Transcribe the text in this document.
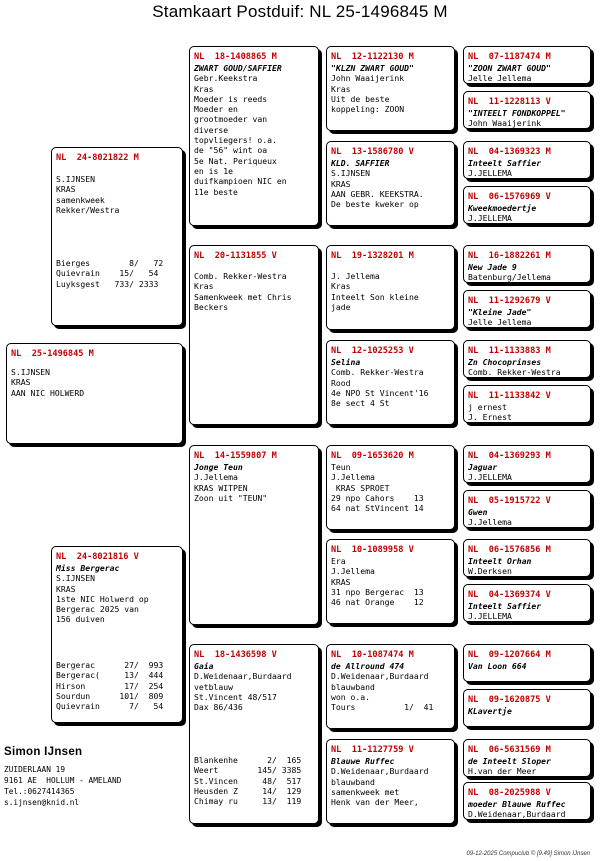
Stamkaart Postduif: NL 25-1496845 M
NL  25-1496845 M
S.IJNSEN
KRAS
AAN NIC HOLWERD
NL  24-8021822 M
S.IJNSEN
KRAS
samenkweek
Rekker/Westra
Bierges        8/   72
Quievrain    15/   54
Luyksgest   733/ 2333
NL  24-8021816 V
Miss Bergerac
S.IJNSEN
KRAS
1ste NIC Holwerd op
Bergerac 2025 van
156 duiven
Bergerac      27/  993
Bergerac(     13/  444
Hirson        17/  254
Sourdun      101/  809
Quievrain      7/   54
NL  18-1408865 M
ZWART GOUD/SAFFIER
Gebr.Keekstra
Kras
Moeder is reeds
Moeder en
grootmoeder van
diverse
topvliegers! o.a.
de "56" wint oa
5e Nat. Periqueux
en is 1e
duifkampioen NIC en
11e beste
NL  20-1131855 V
Comb. Rekker-Westra
Kras
Samenkweek met Chris
Beckers
NL  14-1559807 M
Jonge Teun
J.Jellema
KRAS WITPEN
Zoon uit "TEUN"
NL  18-1436598 V
Gaia
D.Weidenaar,Burdaard
vetblauw
St.Vincent 48/517
Dax 86/436
Blankenhe      2/  165
Weert        145/ 3385
St.Vincen     48/  517
Heusden Z     14/  129
Chimay ru     13/  119
NL  12-1122130 M
"KLZN ZWART GOUD"
John Waaijerink
Kras
Uit de beste
koppeling: ZOON
NL  13-1586780 V
KLD. SAFFIER
S.IJNSEN
KRAS
AAN GEBR. KEEKSTRA.
De beste kweker op
NL  19-1328201 M
J. Jellema
Kras
Inteelt Son kleine
jade
NL  12-1025253 V
Selina
Comb. Rekker-Westra
Rood
4e NPO St Vincent'16
8e sect 4 St
NL  09-1653620 M
Teun
J.Jellema
KRAS SPROET
29 npo Cahors    13
64 nat StVincent 14
NL  10-1089958 V
Era
J.Jellema
KRAS
31 npo Bergerac  13
46 nat Orange    12
NL  10-1087474 M
de Allround 474
D.Weidenaar,Burdaard
blauwband
won o.a.
Tours          1/  41
NL  11-1127759 V
Blauwe Ruffec
D.Weidenaar,Burdaard
blauwband
samenkweek met
Henk van der Meer,
NL  07-1187474 M
"ZOON ZWART GOUD"
Jelle Jellema
NL  11-1228113 V
"INTEELT FONDKOPPEL"
John Waaijerink
NL  04-1369323 M
Inteelt Saffier
J.JELLEMA
NL  06-1576969 V
Kweekmoedertje
J.JELLEMA
NL  16-1882261 M
New Jade 9
Batenburg/Jellema
NL  11-1292679 V
"Kleine Jade"
Jelle Jellema
NL  11-1133883 M
Zn Chocoprinses
Comb. Rekker-Westra
NL  11-1133842 V
j ernest
J. Ernest
NL  04-1369293 M
Jaguar
J.JELLEMA
NL  05-1915722 V
Gwen
J.Jellema
NL  06-1576856 M
Inteelt Orhan
W.Derksen
NL  04-1369374 V
Inteelt Saffier
J.JELLEMA
NL  09-1207664 M
Van Loon 664
NL  09-1620875 V
KLavertje
NL  06-5631569 M
de Inteelt Sloper
H.van der Meer
NL  08-2025988 V
moeder Blauwe Ruffec
D.Weidenaar,Burdaard
Simon IJnsen
ZUIDERLAAN 19
9161 AE  HOLLUM - AMELAND
Tel.:0627414365
s.ijnsen@knid.nl
09-12-2025 Compuclub © [9.49] Simon IJnsen
